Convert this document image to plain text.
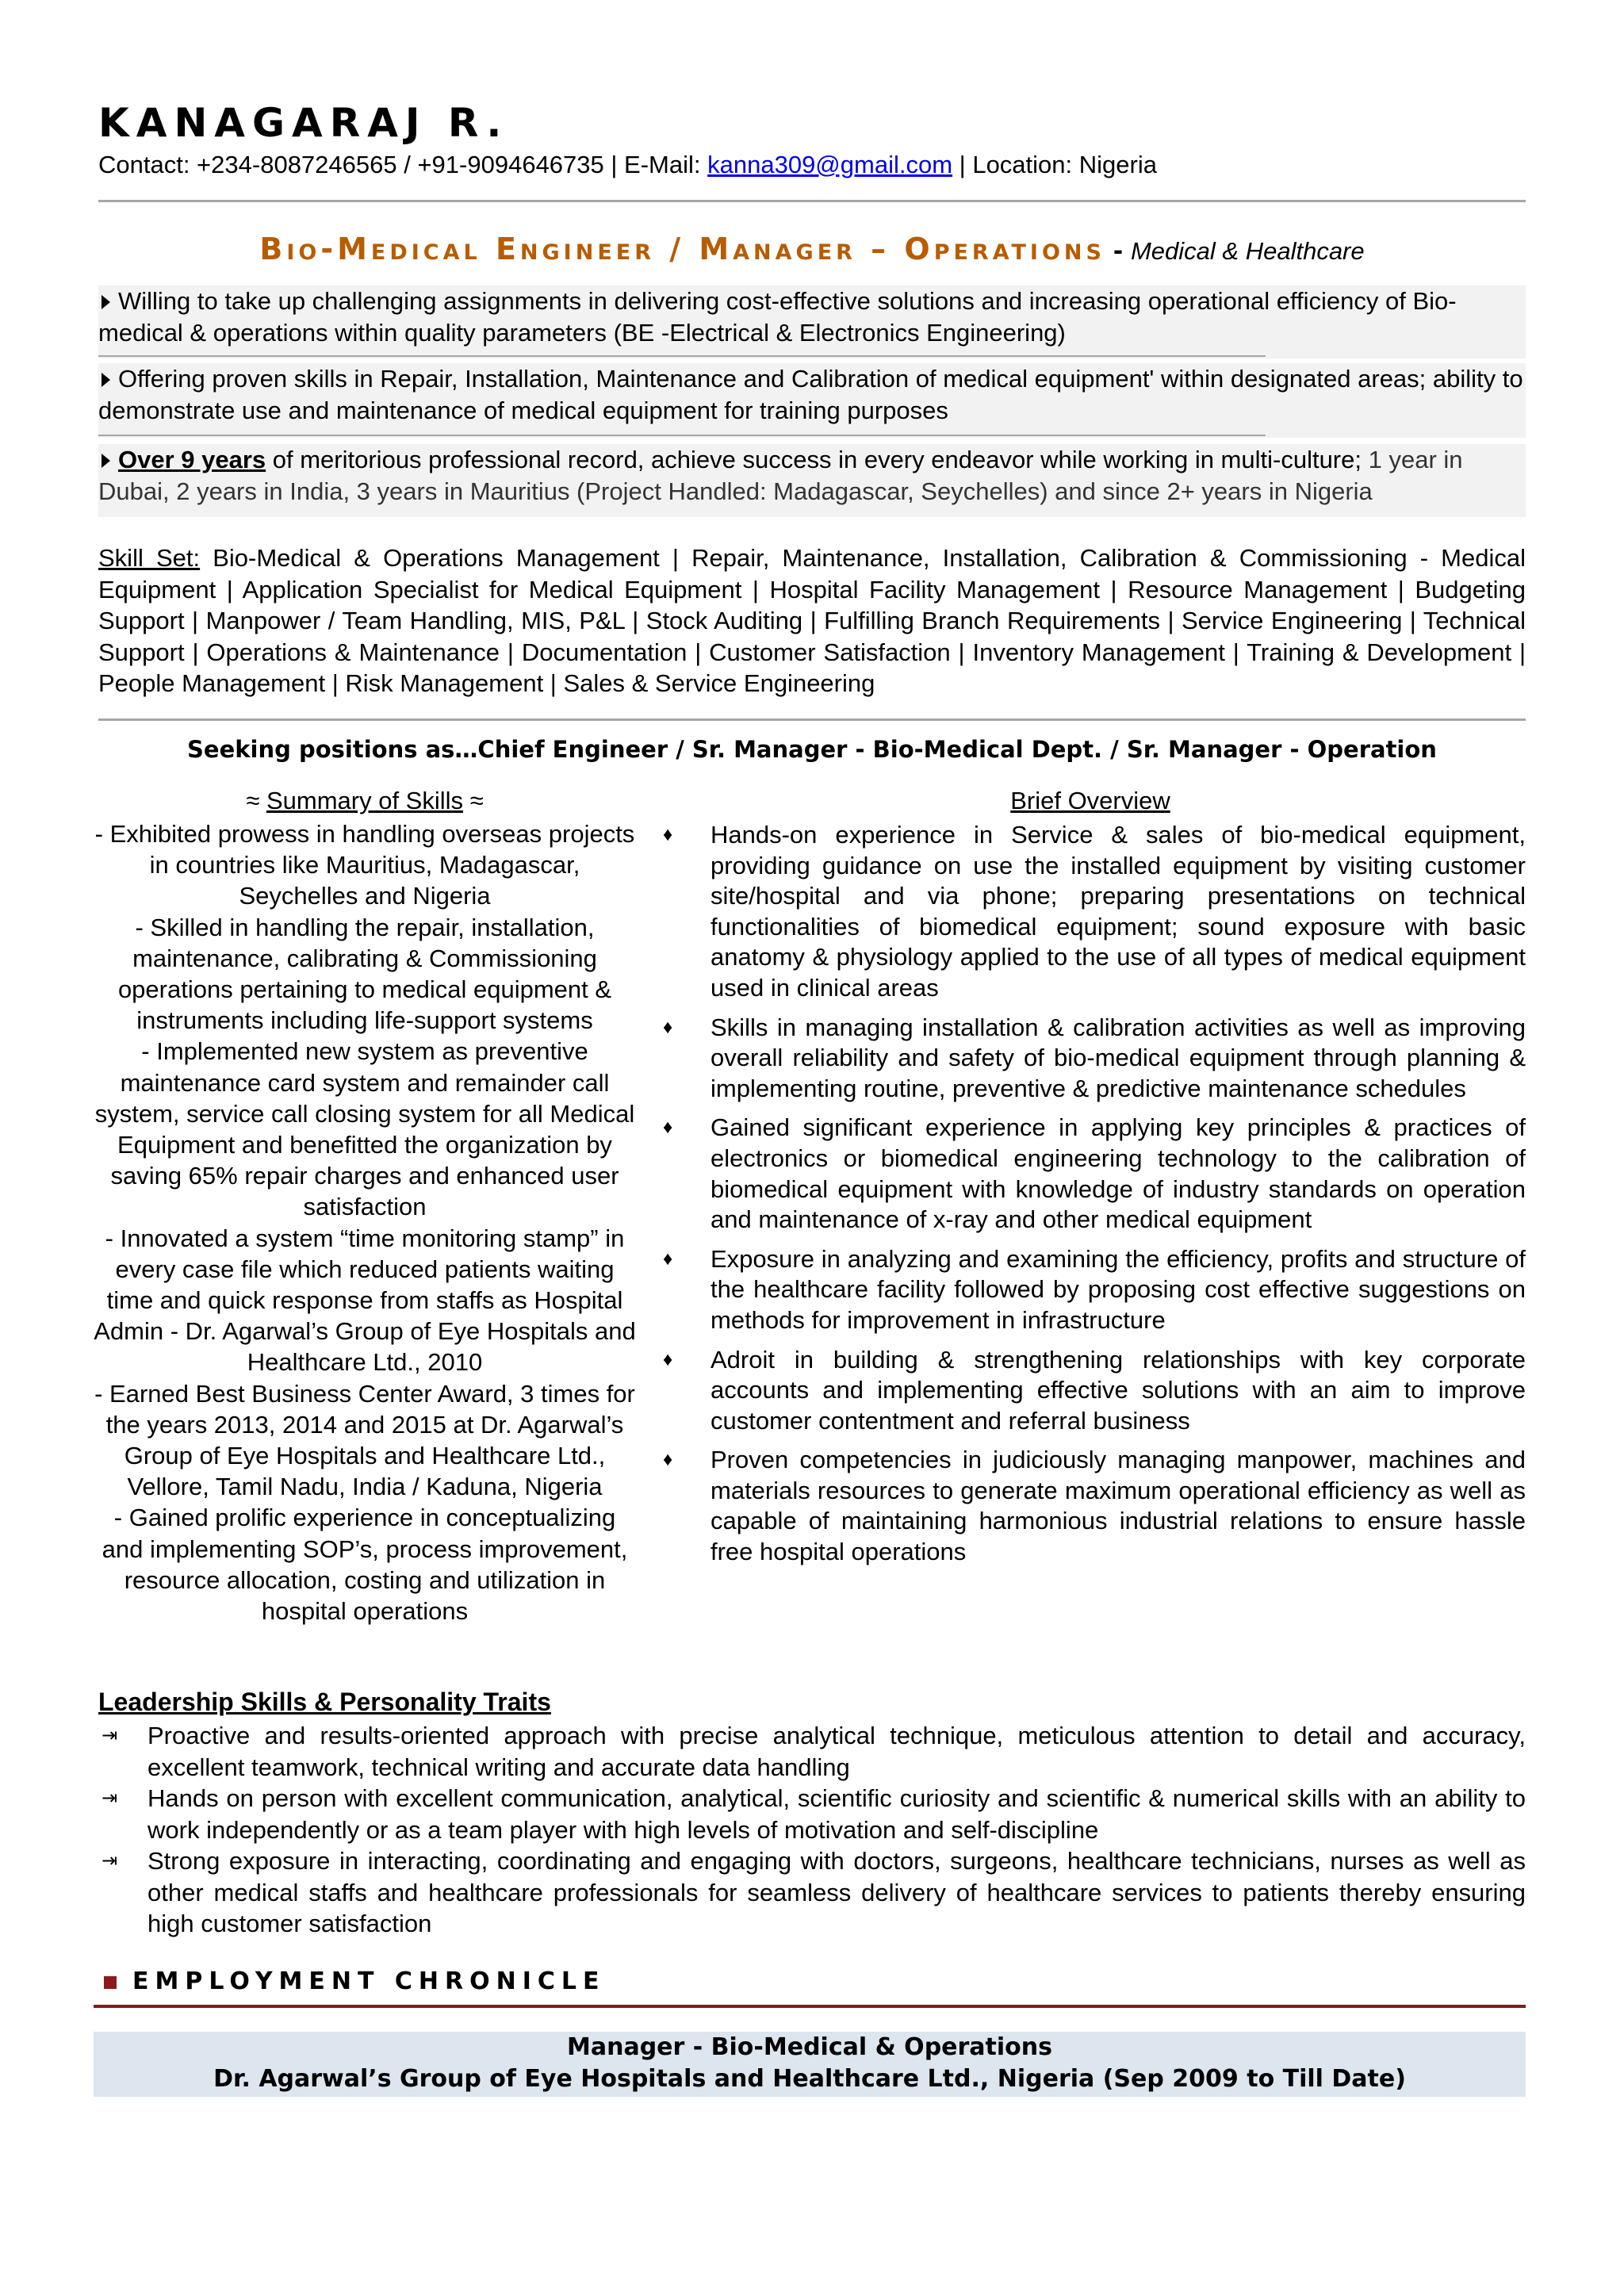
KANAGARAJ R.
Contact: +234-8087246565 / +91-9094646735 | E-Mail: kanna309@gmail.com | Location: Nigeria
Bio-Medical Engineer / Manager – Operations - Medical & Healthcare
Willing to take up challenging assignments in delivering cost-effective solutions and increasing operational efficiency of Bio-medical & operations within quality parameters (BE -Electrical & Electronics Engineering)
Offering proven skills in Repair, Installation, Maintenance and Calibration of medical equipment' within designated areas; ability to demonstrate use and maintenance of medical equipment for training purposes
Over 9 years of meritorious professional record, achieve success in every endeavor while working in multi-culture; 1 year in Dubai, 2 years in India, 3 years in Mauritius (Project Handled: Madagascar, Seychelles) and since 2+ years in Nigeria
Skill Set: Bio-Medical & Operations Management | Repair, Maintenance, Installation, Calibration & Commissioning - Medical Equipment | Application Specialist for Medical Equipment | Hospital Facility Management | Resource Management | Budgeting Support | Manpower / Team Handling, MIS, P&L | Stock Auditing | Fulfilling Branch Requirements | Service Engineering | Technical Support | Operations & Maintenance | Documentation | Customer Satisfaction | Inventory Management | Training & Development | People Management | Risk Management | Sales & Service Engineering
Seeking positions as…Chief Engineer / Sr. Manager - Bio-Medical Dept. / Sr. Manager - Operation
≈ Summary of Skills ≈
- Exhibited prowess in handling overseas projects in countries like Mauritius, Madagascar, Seychelles and Nigeria
- Skilled in handling the repair, installation, maintenance, calibrating & Commissioning operations pertaining to medical equipment & instruments including life-support systems
- Implemented new system as preventive maintenance card system and remainder call system, service call closing system for all Medical Equipment and benefitted the organization by saving 65% repair charges and enhanced user satisfaction
- Innovated a system “time monitoring stamp” in every case file which reduced patients waiting time and quick response from staffs as Hospital Admin - Dr. Agarwal’s Group of Eye Hospitals and Healthcare Ltd., 2010
- Earned Best Business Center Award, 3 times for the years 2013, 2014 and 2015 at Dr. Agarwal’s Group of Eye Hospitals and Healthcare Ltd., Vellore, Tamil Nadu, India / Kaduna, Nigeria
- Gained prolific experience in conceptualizing and implementing SOP’s, process improvement, resource allocation, costing and utilization in hospital operations
Brief Overview
♦ Hands-on experience in Service & sales of bio-medical equipment, providing guidance on use the installed equipment by visiting customer site/hospital and via phone; preparing presentations on technical functionalities of biomedical equipment; sound exposure with basic anatomy & physiology applied to the use of all types of medical equipment used in clinical areas
♦ Skills in managing installation & calibration activities as well as improving overall reliability and safety of bio-medical equipment through planning & implementing routine, preventive & predictive maintenance schedules
♦ Gained significant experience in applying key principles & practices of electronics or biomedical engineering technology to the calibration of biomedical equipment with knowledge of industry standards on operation and maintenance of x-ray and other medical equipment
♦ Exposure in analyzing and examining the efficiency, profits and structure of the healthcare facility followed by proposing cost effective suggestions on methods for improvement in infrastructure
♦ Adroit in building & strengthening relationships with key corporate accounts and implementing effective solutions with an aim to improve customer contentment and referral business
♦ Proven competencies in judiciously managing manpower, machines and materials resources to generate maximum operational efficiency as well as capable of maintaining harmonious industrial relations to ensure hassle free hospital operations
Leadership Skills & Personality Traits
⇥ Proactive and results-oriented approach with precise analytical technique, meticulous attention to detail and accuracy, excellent teamwork, technical writing and accurate data handling
⇥ Hands on person with excellent communication, analytical, scientific curiosity and scientific & numerical skills with an ability to work independently or as a team player with high levels of motivation and self-discipline
⇥ Strong exposure in interacting, coordinating and engaging with doctors, surgeons, healthcare technicians, nurses as well as other medical staffs and healthcare professionals for seamless delivery of healthcare services to patients thereby ensuring high customer satisfaction
EMPLOYMENT CHRONICLE
Manager - Bio-Medical & Operations
Dr. Agarwal’s Group of Eye Hospitals and Healthcare Ltd., Nigeria (Sep 2009 to Till Date)
